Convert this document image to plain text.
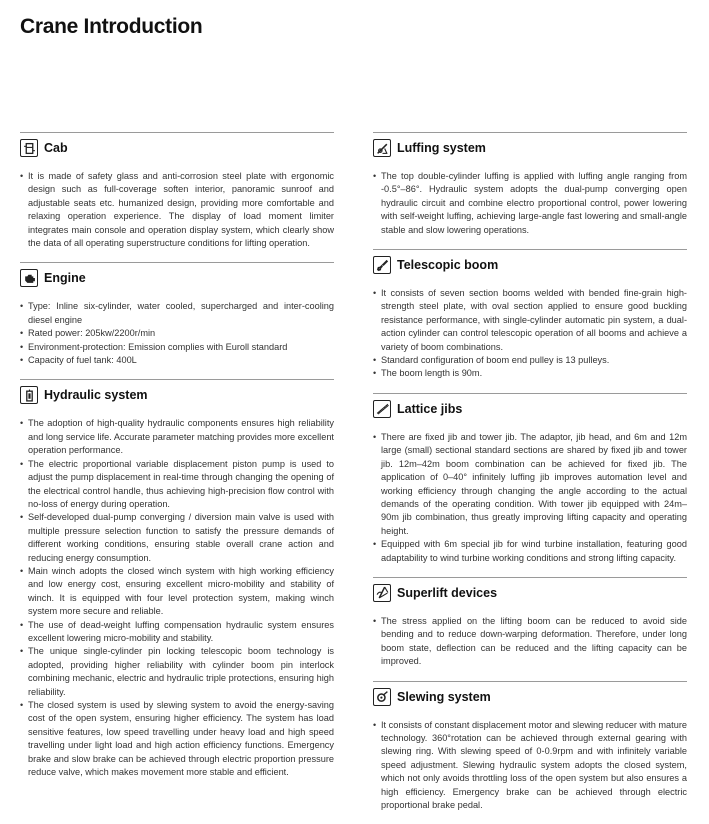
Crane Introduction
Cab
• It is made of safety glass and anti-corrosion steel plate with ergonomic design such as full-coverage soften interior, panoramic sunroof and adjustable seats etc. humanized design, providing more comfortable and relaxing operation experience. The display of load moment limiter integrates main console and operation display system, which clearly show the data of all operating superstructure conditions for lifting operation.
Engine
• Type: Inline six-cylinder, water cooled, supercharged and inter-cooling diesel engine
• Rated power: 205kw/2200r/min
• Environment-protection: Emission complies with Euroll standard
• Capacity of fuel tank: 400L
Hydraulic system
• The adoption of high-quality hydraulic components ensures high reliability and long service life. Accurate parameter matching provides more excellent operation performance.
• The electric proportional variable displacement piston pump is used to adjust the pump displacement in real-time through changing the opening of the electrical control handle, thus achieving high-precision flow control with no-loss of energy during operation.
• Self-developed dual-pump converging / diversion main valve is used with multiple pressure selection function to satisfy the pressure demands of different working conditions, ensuring stable overall crane action and reducing energy consumption.
• Main winch adopts the closed winch system with high working efficiency and low energy cost, ensuring excellent micro-mobility and stability of winch. It is equipped with four level protection system, making winch system more secure and reliable.
• The use of dead-weight luffing compensation hydraulic system ensures excellent lowering micro-mobility and stability.
• The unique single-cylinder pin locking telescopic boom technology is adopted, providing higher reliability with cylinder boom pin interlock combining mechanic, electric and hydraulic triple protections, ensuring high reliability.
• The closed system is used by slewing system to avoid the energy-saving cost of the open system, ensuring higher efficiency. The system has load sensitive features, low speed travelling under heavy load and high speed travelling under light load and high action efficiency functions. Emergency brake and slow brake can be achieved through electric proportion pressure reduce valve, which makes movement more stable and efficient.
Luffing system
• The top double-cylinder luffing is applied with luffing angle ranging from -0.5°–86°. Hydraulic system adopts the dual-pump converging open hydraulic circuit and combine electro proportional control, power lowering with self-weight luffing, achieving large-angle fast lowering and small-angle stable and slow lowering operations.
Telescopic boom
• It consists of seven section booms welded with bended fine-grain high-strength steel plate, with oval section applied to ensure good buckling resistance performance, with single-cylinder automatic pin system, a dual-action cylinder can control telescopic operation of all booms and achieve a variety of boom combinations.
• Standard configuration of boom end pulley is 13 pulleys.
• The boom length is 90m.
Lattice jibs
• There are fixed jib and tower jib. The adaptor, jib head, and 6m and 12m large (small) sectional standard sections are shared by fixed jib and tower jib. 12m–42m boom combination can be achieved for fixed jib. The application of 0–40° infinitely luffing jib improves automation level and working efficiency through changing the angle according to the actual demands of the operating condition. With tower jib equipped with 24m–90m jib combination, thus greatly improving lifting capacity and operating height.
• Equipped with 6m special jib for wind turbine installation, featuring good adaptability to wind turbine working conditions and strong lifting capacity.
Superlift devices
• The stress applied on the lifting boom can be reduced to avoid side bending and to reduce down-warping deformation. Therefore, under long boom state, deflection can be reduced and the lifting capacity can be improved.
Slewing system
• It consists of constant displacement motor and slewing reducer with mature technology. 360°rotation can be achieved through external gearing with slewing ring. With slewing speed of 0-0.9rpm and with infinitely variable speed adjustment. Slewing hydraulic system adopts the closed system, which not only avoids throttling loss of the open system but also ensures a high efficiency. Emergency brake can be achieved through electric proportional brake pedal.
